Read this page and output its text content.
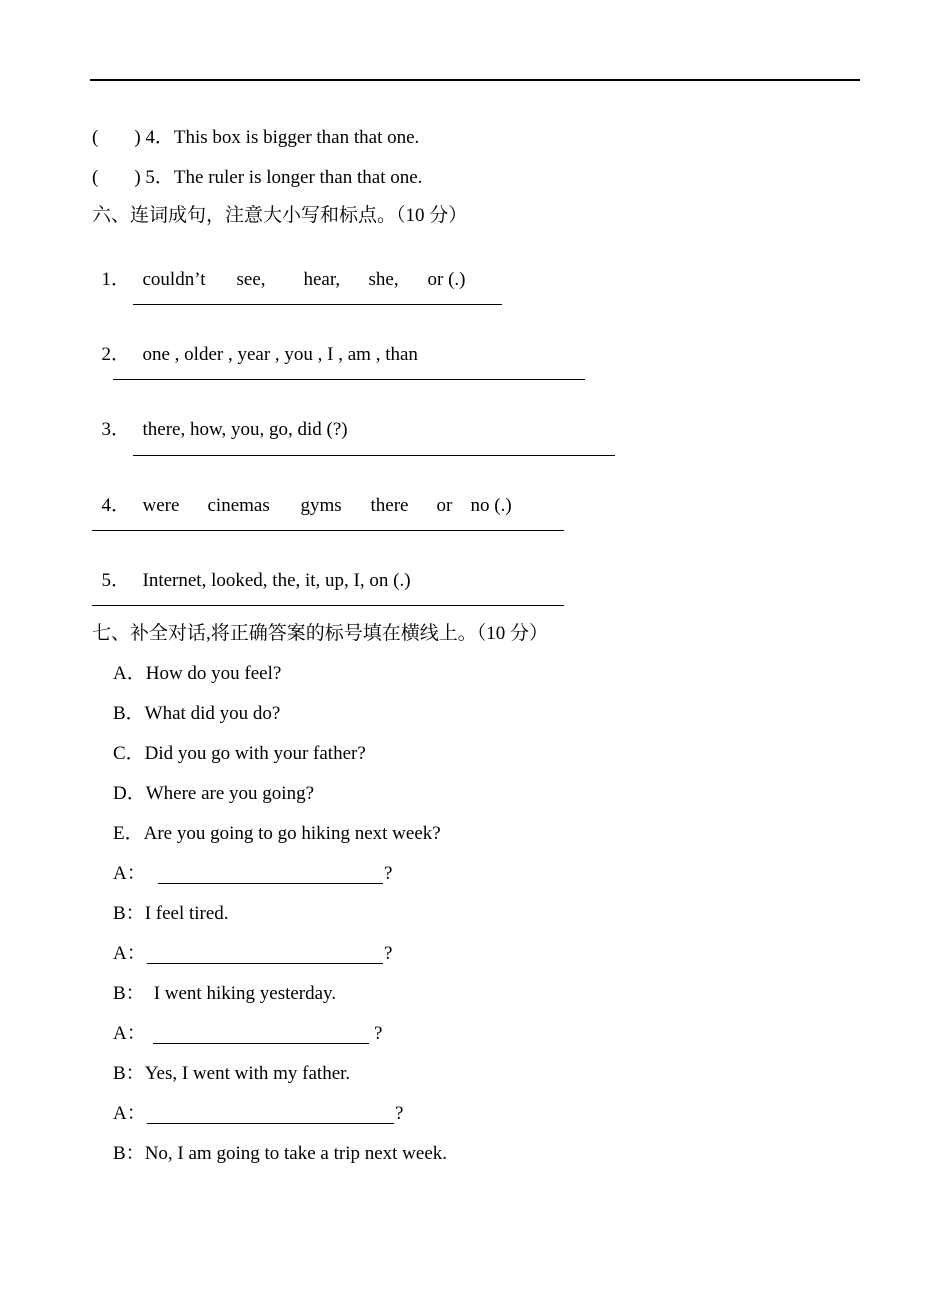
( ) 4．This box is bigger than that one.
( ) 5．The ruler is longer than that one.
六、连词成句，注意大小写和标点。（10 分）

1． couldn’t see, hear, she, or (.)

2． one , older , year , you , I , am , than

3． there, how, you, go, did (?)

4． were cinemas gyms there or no (.)

5． Internet, looked, the, it, up, I, on (.)

七、补全对话,将正确答案的标号填在横线上。（10 分）
A．How do you feel?
B．What did you do?
C．Did you go with your father?
D．Where are you going?
E．Are you going to go hiking next week?
A：	?
B：I feel tired.
A：	?
B： I went hiking yesterday.
A：	?
B：Yes, I went with my father.
A：	?
B：No, I am going to take a trip next week.
